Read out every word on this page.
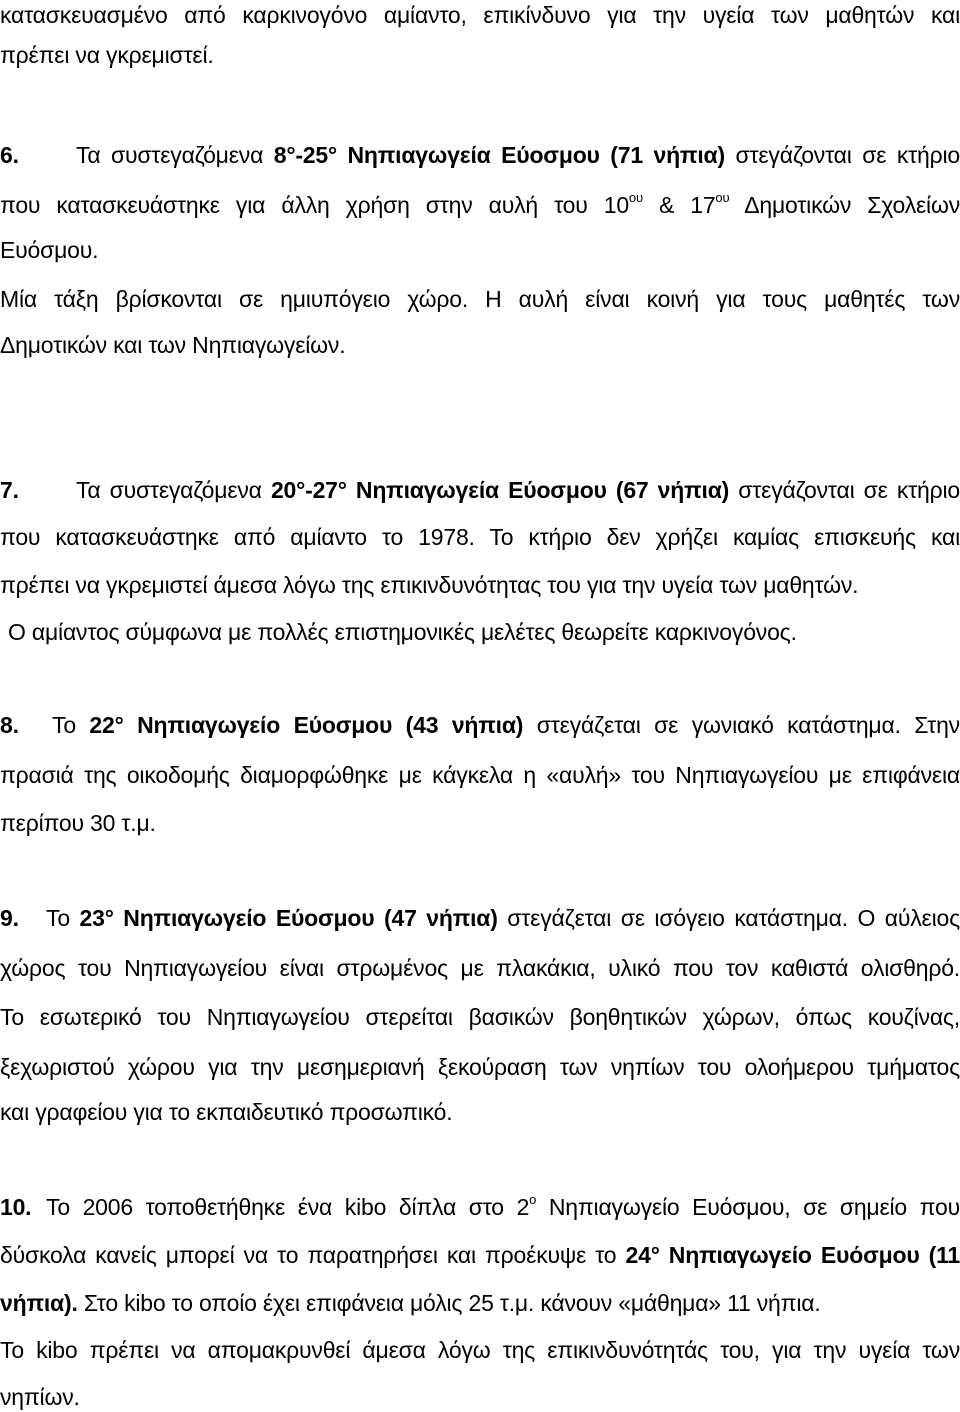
κατασκευασμένο από καρκινογόνο αμίαντο, επικίνδυνο για την υγεία των μαθητών και
πρέπει να γκρεμιστεί.
6. Τα συστεγαζόμενα 8°-25° Νηπιαγωγεία Εύοσμου (71 νήπια) στεγάζονται σε κτήριο
που κατασκευάστηκε για άλλη χρήση στην αυλή του $10^{o\upsilon}$ & $17^{o\upsilon}$ Δημοτικών Σχολείων
Ευόσμου.
Μία τάξη βρίσκονται σε ημιυπόγειο χώρο. Η αυλή είναι κοινή για τους μαθητές των
Δημοτικών και των Νηπιαγωγείων.
7. Τα συστεγαζόμενα 20°-27° Νηπιαγωγεία Εύοσμου (67 νήπια) στεγάζονται σε κτήριο
που κατασκευάστηκε από αμίαντο το 1978. Το κτήριο δεν χρήζει καμίας επισκευής και
πρέπει να γκρεμιστεί άμεσα λόγω της επικινδυνότητας του για την υγεία των μαθητών.
Ο αμίαντος σύμφωνα με πολλές επιστημονικές μελέτες θεωρείτε καρκινογόνος.
8. Το 22° Νηπιαγωγείο Εύοσμου (43 νήπια) στεγάζεται σε γωνιακό κατάστημα. Στην
πρασιά της οικοδομής διαμορφώθηκε με κάγκελα η «αυλή» του Νηπιαγωγείου με επιφάνεια
περίπου 30 τ.μ.
9. Το 23° Νηπιαγωγείο Εύοσμου (47 νήπια) στεγάζεται σε ισόγειο κατάστημα. Ο αύλειος
χώρος του Νηπιαγωγείου είναι στρωμένος με πλακάκια, υλικό που τον καθιστά ολισθηρό.
Το εσωτερικό του Νηπιαγωγείου στερείται βασικών βοηθητικών χώρων, όπως κουζίνας,
ξεχωριστού χώρου για την μεσημεριανή ξεκούραση των νηπίων του ολοήμερου τμήματος
και γραφείου για το εκπαιδευτικό προσωπικό.
10. Το 2006 τοποθετήθηκε ένα kibo δίπλα στο $2^o$ Νηπιαγωγείο Ευόσμου, σε σημείο που
δύσκολα κανείς μπορεί να το παρατηρήσει και προέκυψε το 24° Νηπιαγωγείο Ευόσμου (11
νήπια). Στο kibo το οποίο έχει επιφάνεια μόλις 25 τ.μ. κάνουν «μάθημα» 11 νήπια.
Το kibo πρέπει να απομακρυνθεί άμεσα λόγω της επικινδυνότητάς του, για την υγεία των
νηπίων.
